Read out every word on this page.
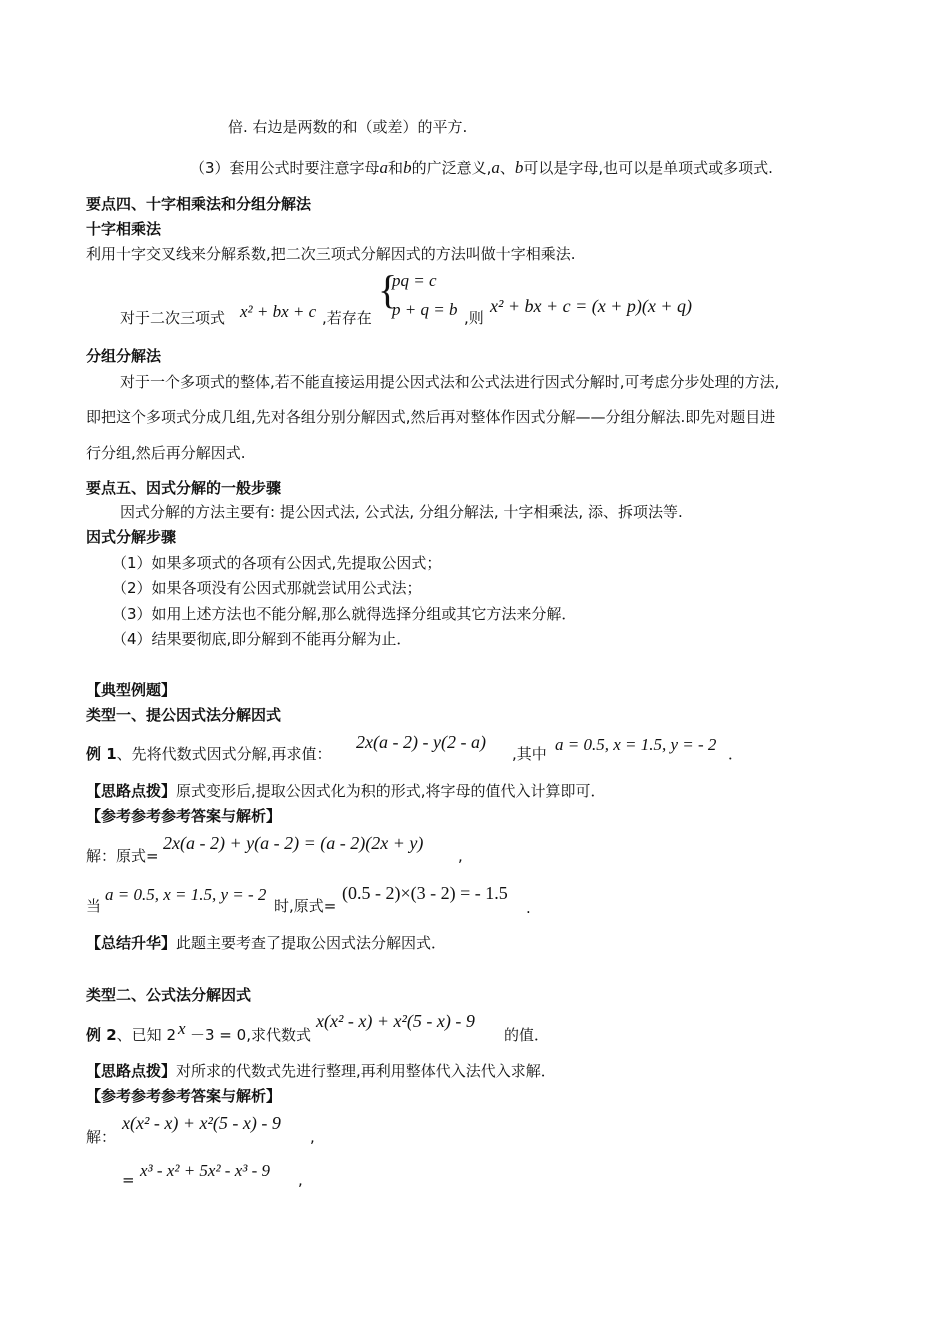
倍. 右边是两数的和（或差）的平方.
（3）套用公式时要注意字母a和b的广泛意义,a、b可以是字母,也可以是单项式或多项式.
要点四、十字相乘法和分组分解法
十字相乘法
利用十字交叉线来分解系数,把二次三项式分解因式的方法叫做十字相乘法.
对于二次三项式 x² + bx + c ,若存在
{
pq = c
p + q = b ,则
x² + bx + c = (x + p)(x + q)
分组分解法
对于一个多项式的整体,若不能直接运用提公因式法和公式法进行因式分解时,可考虑分步处理的方法,
即把这个多项式分成几组,先对各组分别分解因式,然后再对整体作因式分解——分组分解法.即先对题目进
行分组,然后再分解因式.
要点五、因式分解的一般步骤
因式分解的方法主要有: 提公因式法, 公式法, 分组分解法, 十字相乘法, 添、拆项法等.
因式分解步骤
（1）如果多项式的各项有公因式,先提取公因式；
（2）如果各项没有公因式那就尝试用公式法；
（3）如用上述方法也不能分解,那么就得选择分组或其它方法来分解．
（4）结果要彻底,即分解到不能再分解为止．
【典型例题】
类型一、提公因式法分解因式
例 1、先将代数式因式分解,再求值：
2x(a - 2) - y(2 - a)
,其中 a = 0.5, x = 1.5, y = - 2 ．
【思路点拨】原式变形后,提取公因式化为积的形式,将字母的值代入计算即可．
【参考参考参考答案与解析】
解：原式=
2x(a - 2) + y(a - 2) = (a - 2)(2x + y)
,
当
a = 0.5, x = 1.5, y = - 2
时,原式=
(0.5 - 2)×(3 - 2) = - 1.5
.
【总结升华】此题主要考查了提取公因式法分解因式．
类型二、公式法分解因式
例 2、已知 2 x －3 = 0,求代数式
x(x² - x) + x²(5 - x) - 9
的值．
【思路点拨】对所求的代数式先进行整理,再利用整体代入法代入求解．
【参考参考参考答案与解析】
解：
x(x² - x) + x²(5 - x) - 9
,
= x³ - x² + 5x² - x³ - 9 ,
